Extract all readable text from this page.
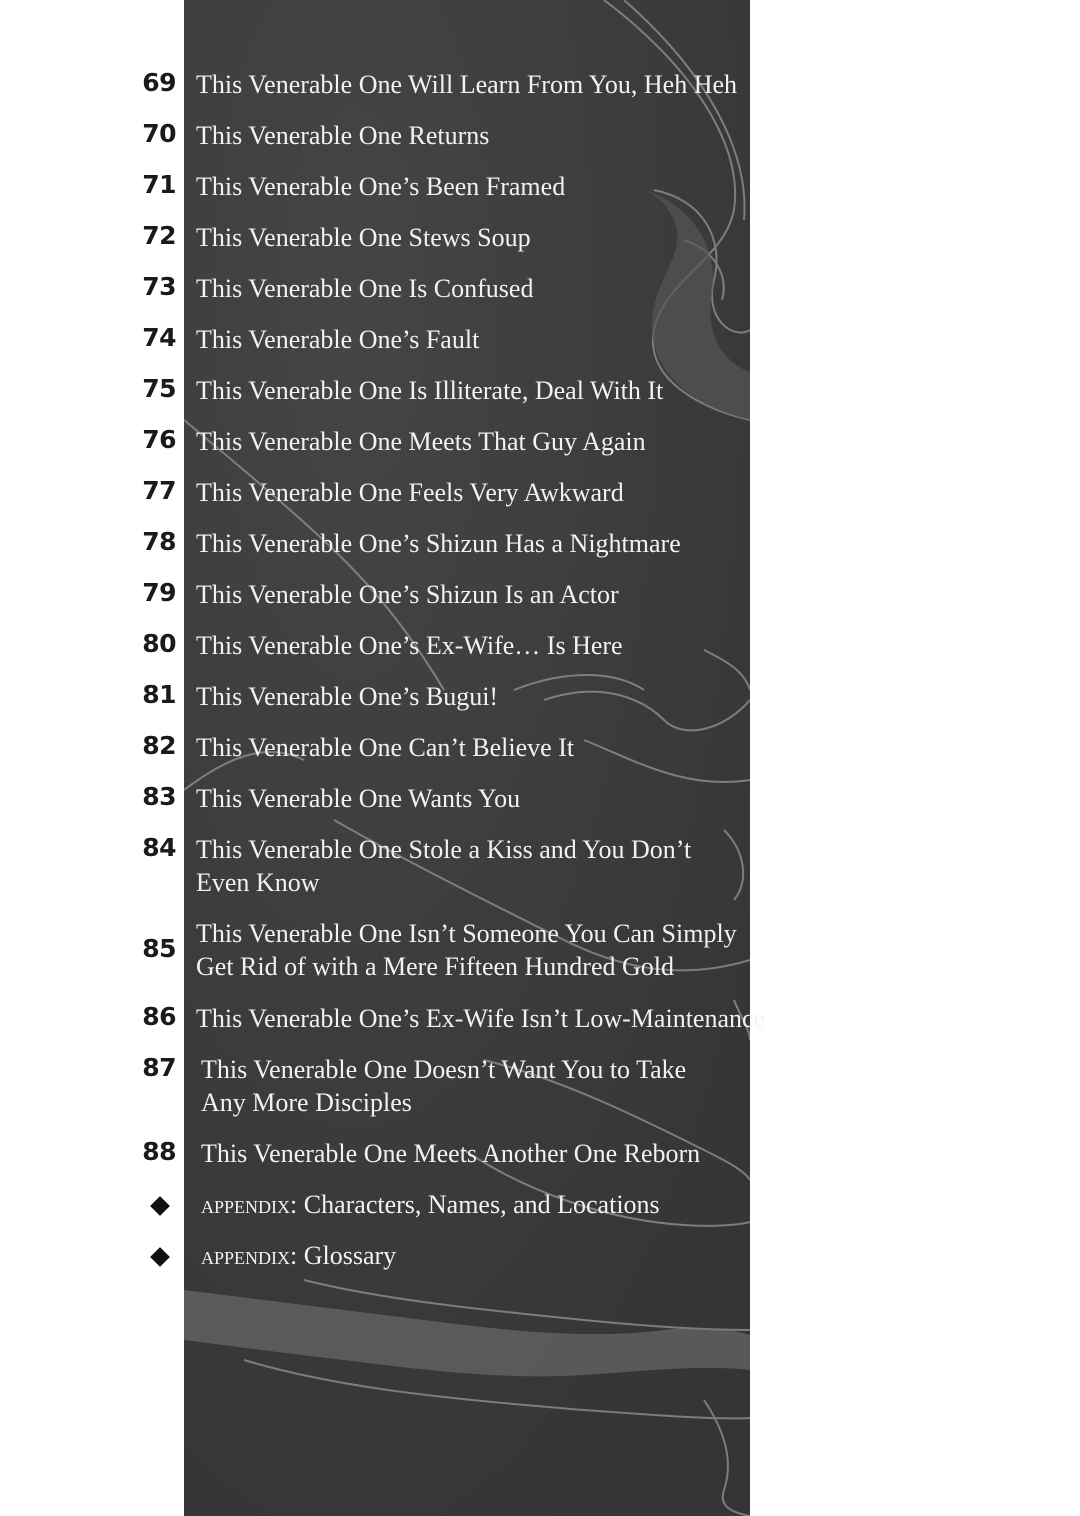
69 This Venerable One Will Learn From You, Heh Heh
70 This Venerable One Returns
71 This Venerable One’s Been Framed
72 This Venerable One Stews Soup
73 This Venerable One Is Confused
74 This Venerable One’s Fault
75 This Venerable One Is Illiterate, Deal With It
76 This Venerable One Meets That Guy Again
77 This Venerable One Feels Very Awkward
78 This Venerable One’s Shizun Has a Nightmare
79 This Venerable One’s Shizun Is an Actor
80 This Venerable One’s Ex-Wife… Is Here
81 This Venerable One’s Bugui!
82 This Venerable One Can’t Believe It
83 This Venerable One Wants You
84 This Venerable One Stole a Kiss and You Don’t
Even Know
85
This Venerable One Isn’t Someone You Can Simply
Get Rid of with a Mere Fifteen Hundred Gold
86 This Venerable One’s Ex-Wife Isn’t Low-Maintenance
87 This Venerable One Doesn’t Want You to Take
Any More Disciples
88 This Venerable One Meets Another One Reborn
appendix: Characters, Names, and Locations
appendix: Glossary
